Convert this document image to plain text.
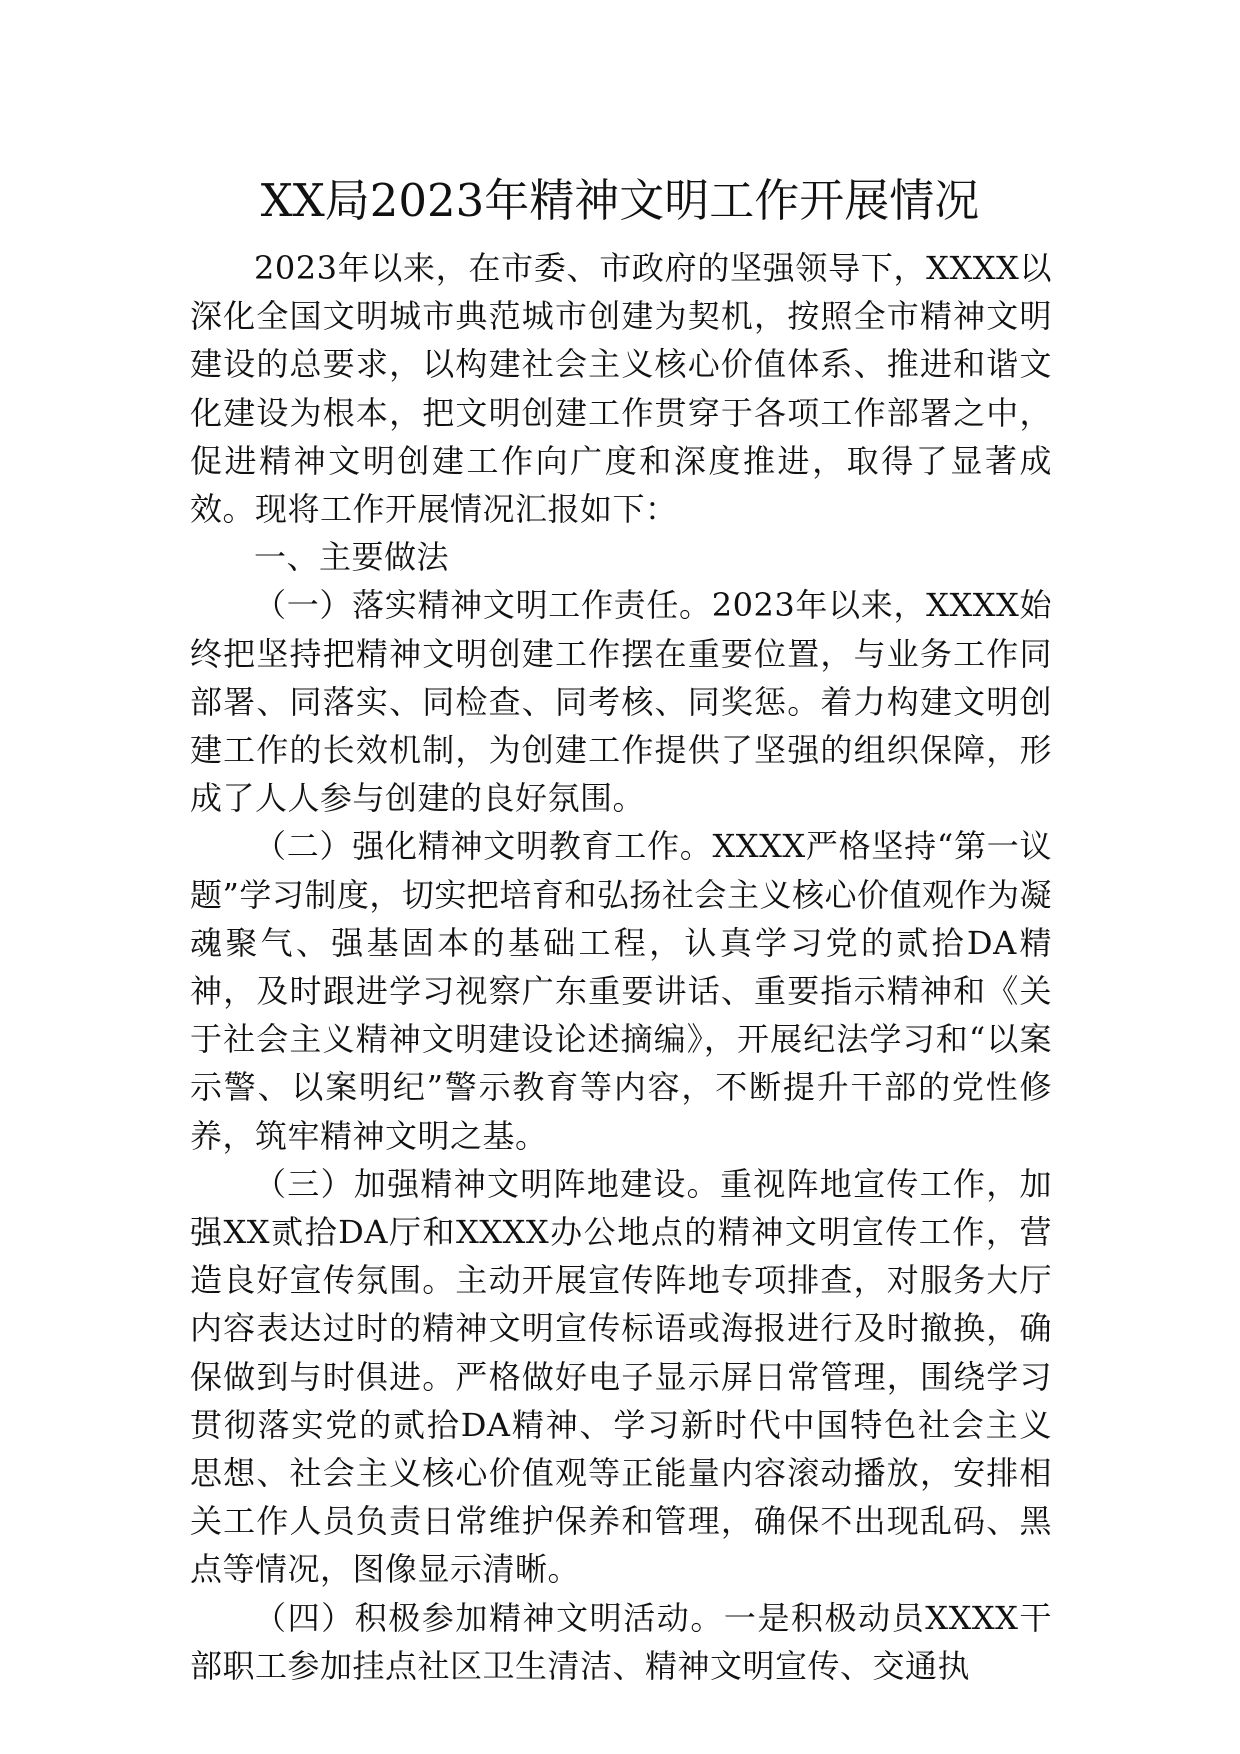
XX局2023年精神文明工作开展情况

2023年以来，在市委、市政府的坚强领导下，XXXX以深化全国文明城市典范城市创建为契机，按照全市精神文明建设的总要求，以构建社会主义核心价值体系、推进和谐文化建设为根本，把文明创建工作贯穿于各项工作部署之中，促进精神文明创建工作向广度和深度推进，取得了显著成效。现将工作开展情况汇报如下：

一、主要做法

（一）落实精神文明工作责任。2023年以来，XXXX始终把坚持把精神文明创建工作摆在重要位置，与业务工作同部署、同落实、同检查、同考核、同奖惩。着力构建文明创建工作的长效机制，为创建工作提供了坚强的组织保障，形成了人人参与创建的良好氛围。

（二）强化精神文明教育工作。XXXX严格坚持“第一议题”学习制度，切实把培育和弘扬社会主义核心价值观作为凝魂聚气、强基固本的基础工程，认真学习党的贰拾DA精神，及时跟进学习视察广东重要讲话、重要指示精神和《关于社会主义精神文明建设论述摘编》，开展纪法学习和“以案示警、以案明纪”警示教育等内容，不断提升干部的党性修养，筑牢精神文明之基。

（三）加强精神文明阵地建设。重视阵地宣传工作，加强XX贰拾DA厅和XXXX办公地点的精神文明宣传工作，营造良好宣传氛围。主动开展宣传阵地专项排查，对服务大厅内容表达过时的精神文明宣传标语或海报进行及时撤换，确保做到与时俱进。严格做好电子显示屏日常管理，围绕学习贯彻落实党的贰拾DA精神、学习新时代中国特色社会主义思想、社会主义核心价值观等正能量内容滚动播放，安排相关工作人员负责日常维护保养和管理，确保不出现乱码、黑点等情况，图像显示清晰。

（四）积极参加精神文明活动。一是积极动员XXXX干部职工参加挂点社区卫生清洁、精神文明宣传、交通执
